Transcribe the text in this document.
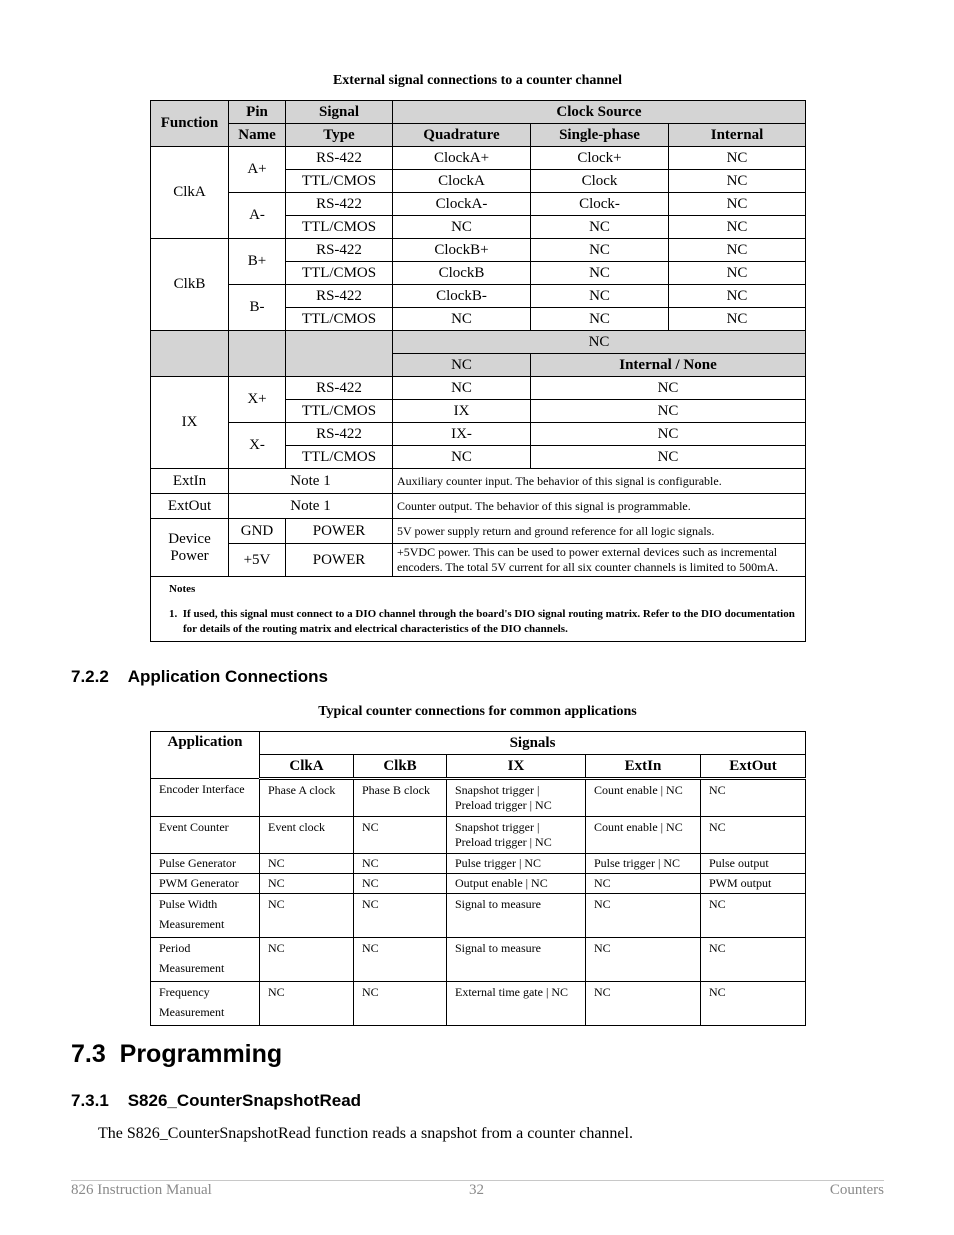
External signal connections to a counter channel
Function	Pin	Signal	Clock Source		
	Name	Type	Quadrature	Single-phase	Internal
ClkA	A+	RS-422	ClockA+	Clock+	NC
		TTL/CMOS	ClockA	Clock	NC
	A-	RS-422	ClockA-	Clock-	NC
		TTL/CMOS	NC	NC	NC
ClkB	B+	RS-422	ClockB+	NC	NC
		TTL/CMOS	ClockB	NC	NC
	B-	RS-422	ClockB-	NC	NC
		TTL/CMOS	NC	NC	NC
			NC		
			NC	Internal / None	
IX	X+	RS-422	NC	NC	
		TTL/CMOS	IX	NC	
	X-	RS-422	IX-	NC	
		TTL/CMOS	NC	NC	
ExtIn	Note 1		Auxiliary counter input. The behavior of this signal is configurable.		
ExtOut	Note 1		Counter output. The behavior of this signal is programmable.		
Device
Power	GND	POWER	5V power supply return and ground reference for all logic signals.		
	+5V	POWER	+5VDC power. This can be used to power external devices such as incremental encoders. The total 5V current for all six counter channels is limited to 500mA.		

Notes
1.  If used, this signal must connect to a DIO channel through the board's DIO signal routing matrix. Refer to the DIO documentation for details of the routing matrix and electrical characteristics of the DIO channels.					
7.2.2    Application Connections
Typical counter connections for common applications
Application	Signals				
	ClkA	ClkB	IX	ExtIn	ExtOut
Encoder Interface	Phase A clock	Phase B clock	Snapshot trigger | Preload trigger | NC	Count enable | NC	NC
Event Counter	Event clock	NC	Snapshot trigger | Preload trigger | NC	Count enable | NC	NC
Pulse Generator	NC	NC	Pulse trigger | NC	Pulse trigger | NC	Pulse output
PWM Generator	NC	NC	Output enable | NC	NC	PWM output
Pulse Width Measurement	NC	NC	Signal to measure	NC	NC
Period Measurement	NC	NC	Signal to measure	NC	NC
Frequency Measurement	NC	NC	External time gate | NC	NC	NC
7.3  Programming
7.3.1    S826_CounterSnapshotRead
The S826_CounterSnapshotRead function reads a snapshot from a counter channel.
826 Instruction Manual	32	Counters
